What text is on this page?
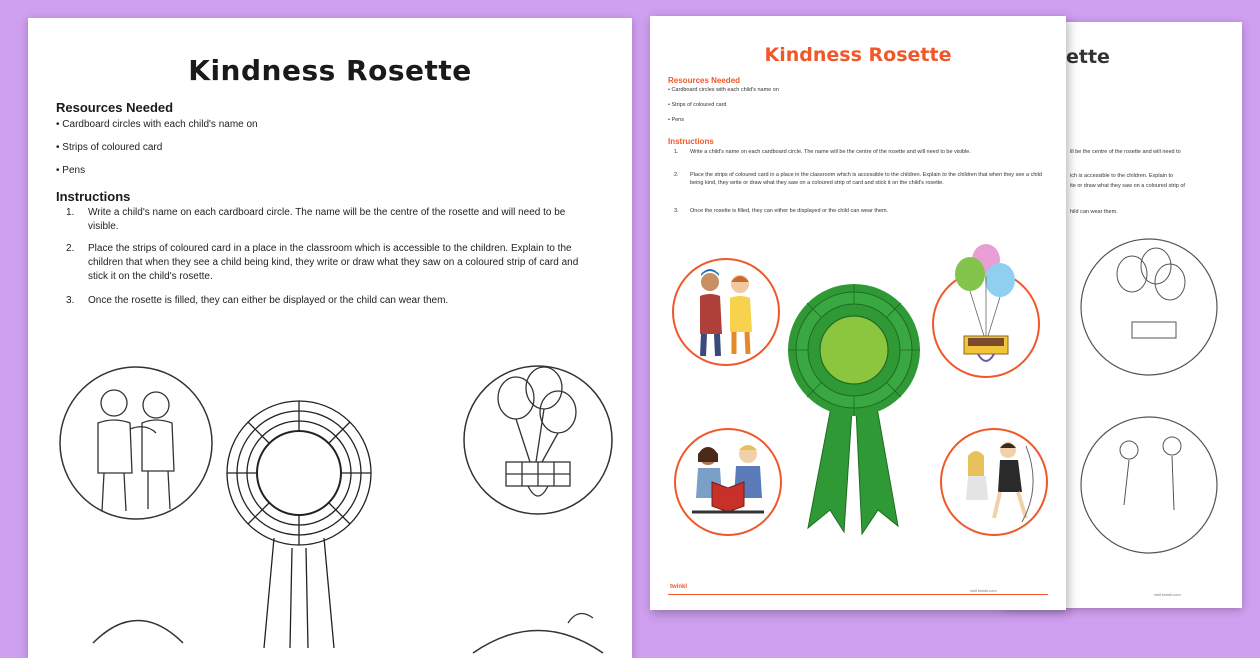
ette
ill be the centre of the rosette and will need to
ich is accessible to the children. Explain to
ite or draw what they saw on a coloured strip of
hild can wear them.
visit twinkl.com
Kindness Rosette
Resources Needed
• Cardboard circles with each child's name on
• Strips of coloured card
• Pens
Instructions
1. Write a child's name on each cardboard circle. The name will be the centre of the rosette and will need to be visible.
2. Place the strips of coloured card in a place in the classroom which is accessible to the children. Explain to the children that when they see a child being kind, they write or draw what they saw on a coloured strip of card and stick it on the child's rosette.
3. Once the rosette is filled, they can either be displayed or the child can wear them.
Kindness Rosette
Resources Needed
• Cardboard circles with each child's name on
• Strips of coloured card
• Pens
Instructions
1. Write a child's name on each cardboard circle. The name will be the centre of the rosette and will need to be visible.
2. Place the strips of coloured card in a place in the classroom which is accessible to the children. Explain to the children that when they see a child being kind, they write or draw what they saw on a coloured strip of card and stick it on the child's rosette.
3. Once the rosette is filled, they can either be displayed or the child can wear them.
twinkl
visit twinkl.com
